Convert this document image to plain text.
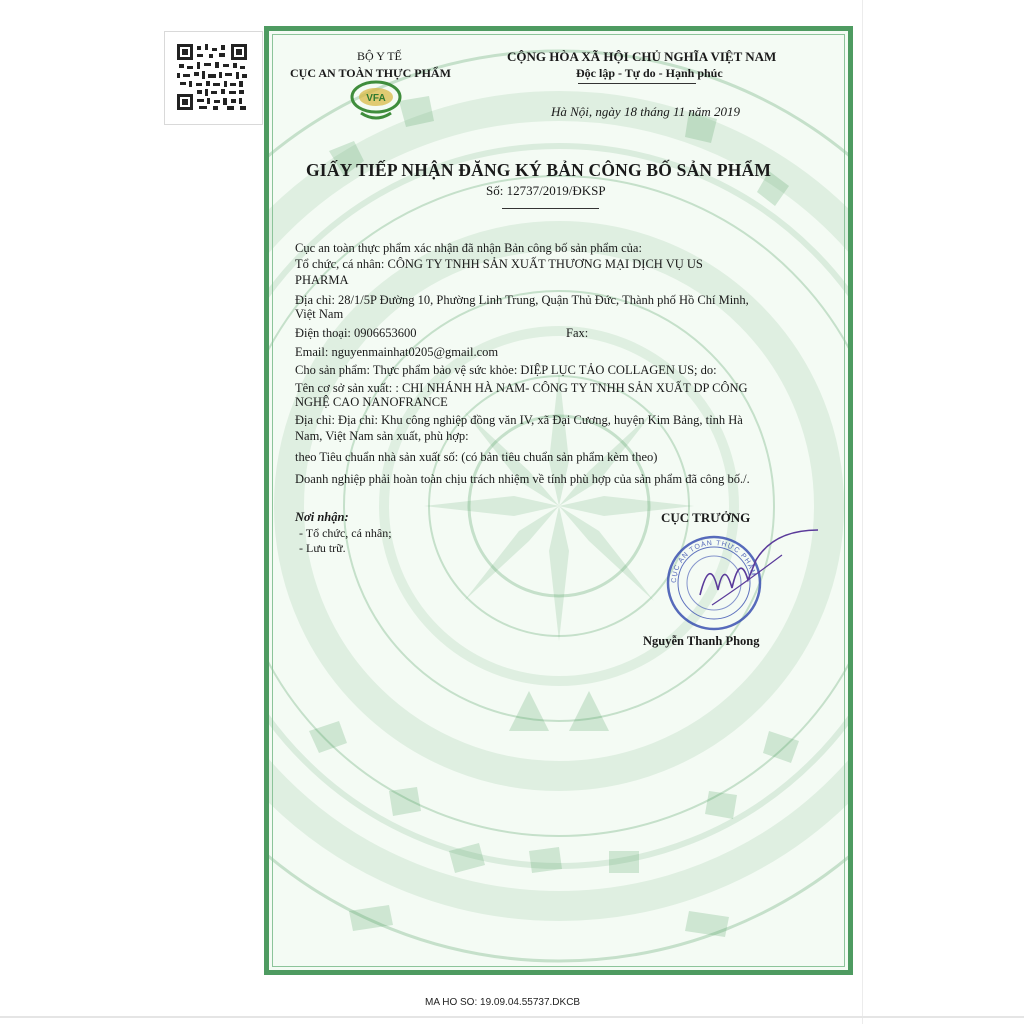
BỘ Y TẾ
CỤC AN TOÀN THỰC PHẨM
VFA
CỘNG HÒA XÃ HỘI CHỦ NGHĨA VIỆT NAM
Độc lập - Tự do - Hạnh phúc
Hà Nội, ngày 18 tháng 11 năm 2019
GIẤY TIẾP NHẬN ĐĂNG KÝ BẢN CÔNG BỐ SẢN PHẨM
Số: 12737/2019/ĐKSP
Cục an toàn thực phẩm xác nhận đã nhận Bản công bố sản phẩm của:
Tổ chức, cá nhân: CÔNG TY TNHH SẢN XUẤT THƯƠNG MẠI DỊCH VỤ US
PHARMA
Địa chỉ: 28/1/5P Đường 10, Phường Linh Trung, Quận Thủ Đức, Thành phố Hồ Chí Minh,
Việt Nam
Điện thoại: 0906653600	Fax:
Email: nguyenmainhat0205@gmail.com
Cho sản phẩm: Thực phẩm bảo vệ sức khỏe: DIỆP LỤC TẢO COLLAGEN US; do:
Tên cơ sở sản xuất: : CHI NHÁNH HÀ NAM- CÔNG TY TNHH SẢN XUẤT DP CÔNG
NGHỆ CAO NANOFRANCE
Địa chỉ: Địa chỉ: Khu công nghiệp đồng văn IV, xã Đại Cương, huyện Kim Bảng, tỉnh Hà
Nam, Việt Nam sản xuất, phù hợp:
theo Tiêu chuẩn nhà sản xuất số: (có bản tiêu chuẩn sản phẩm kèm theo)
Doanh nghiệp phải hoàn toàn chịu trách nhiệm về tính phù hợp của sản phẩm đã công bố./.
Nơi nhận:
- Tổ chức, cá nhân;
- Lưu trữ.
CỤC TRƯỞNG
CỤC AN TOÀN THỰC PHẨM
Nguyễn Thanh Phong
MA HO SO: 19.09.04.55737.DKCB
